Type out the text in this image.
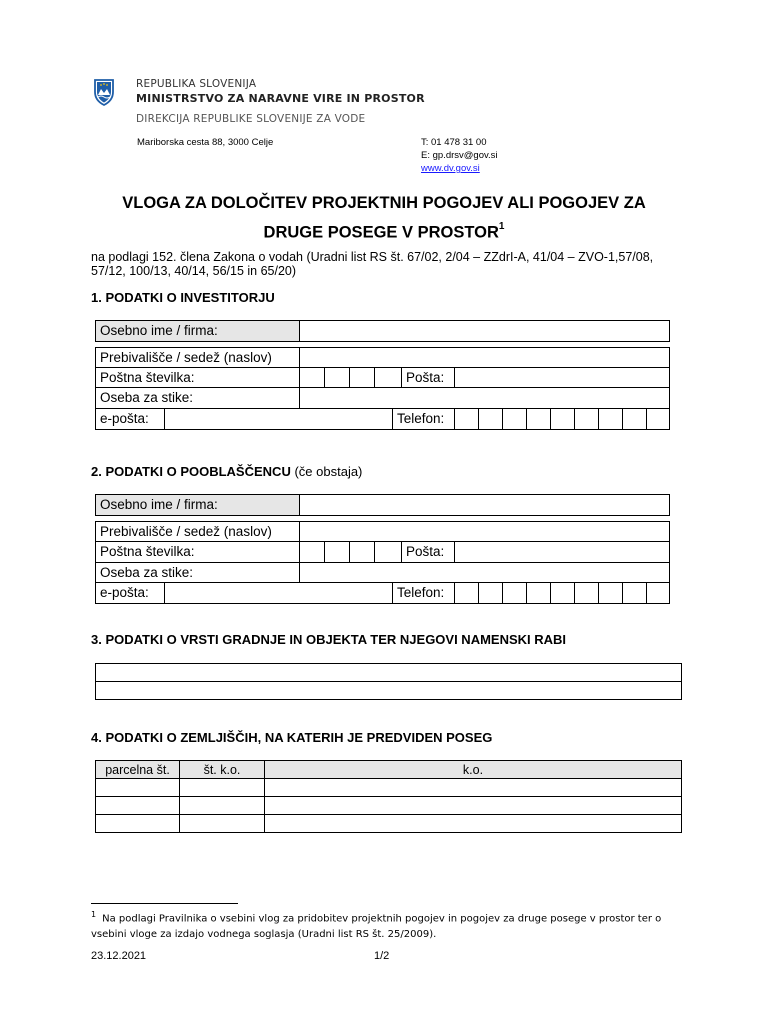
REPUBLIKA SLOVENIJA
MINISTRSTVO ZA NARAVNE VIRE IN PROSTOR
DIREKCIJA REPUBLIKE SLOVENIJE ZA VODE
Mariborska cesta 88, 3000 Celje	T: 01 478 31 00
E: gp.drsv@gov.si
www.dv.gov.si
VLOGA ZA DOLOČITEV PROJEKTNIH POGOJEV ALI POGOJEV ZA
DRUGE POSEGE V PROSTOR$^1$
na podlagi 152. člena Zakona o vodah (Uradni list RS št. 67/02, 2/04 – ZZdrI-A, 41/04 – ZVO-1,57/08, 57/12, 100/13, 40/14, 56/15 in 65/20)
1. PODATKI O INVESTITORJU
Osebno ime / firma:
Prebivališče / sedež (naslov)
Poštna številka:	Pošta:
Oseba za stike:
e-pošta:	Telefon:
2. PODATKI O POOBLAŠČENCU (če obstaja)
Osebno ime / firma:
Prebivališče / sedež (naslov)
Poštna številka:	Pošta:
Oseba za stike:
e-pošta:	Telefon:
3. PODATKI O VRSTI GRADNJE IN OBJEKTA TER NJEGOVI NAMENSKI RABI
4. PODATKI O ZEMLJIŠČIH, NA KATERIH JE PREDVIDEN POSEG
parcelna št.	št. k.o.	k.o.
$^1$ Na podlagi Pravilnika o vsebini vlog za pridobitev projektnih pogojev in pogojev za druge posege v prostor ter o vsebini vloge za izdajo vodnega soglasja (Uradni list RS št. 25/2009).
23.12.2021	1/2
